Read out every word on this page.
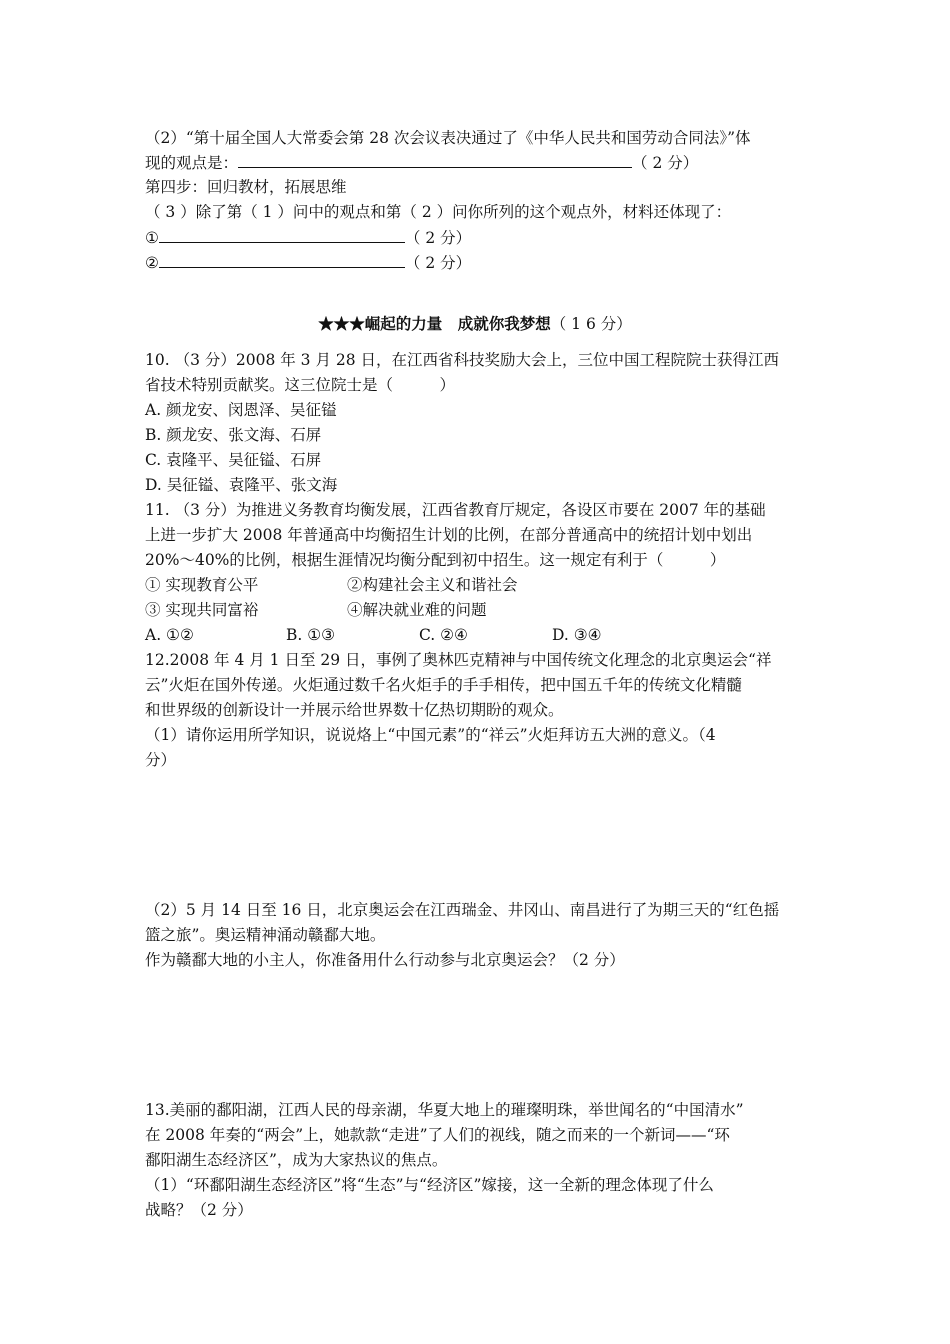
（2）“第十届全国人大常委会第 28 次会议表决通过了《中华人民共和国劳动合同法》”体
现的观点是：	（ 2 分）
第四步：回归教材，拓展思维
（ 3 ）除了第（ 1 ）问中的观点和第（ 2 ）问你所列的这个观点外，材料还体现了：
①	（ 2 分）
②	（ 2 分）
★★★崛起的力量　成就你我梦想（ 1 6 分）
10. （3 分）2008 年 3 月 28 日，在江西省科技奖励大会上，三位中国工程院院士获得江西
省技术特别贡献奖。这三位院士是（　　　）
A. 颜龙安、闵恩泽、吴征镒
B. 颜龙安、张文海、石屏
C. 袁隆平、吴征镒、石屏
D. 吴征镒、袁隆平、张文海
11. （3 分）为推进义务教育均衡发展，江西省教育厅规定，各设区市要在 2007 年的基础
上进一步扩大 2008 年普通高中均衡招生计划的比例，在部分普通高中的统招计划中划出
20%～40%的比例，根据生涯情况均衡分配到初中招生。这一规定有利于（　　　）
① 实现教育公平	②构建社会主义和谐社会
③ 实现共同富裕	④解决就业难的问题
A. ①②	B. ①③	C. ②④	D. ③④
12.2008 年 4 月 1 日至 29 日，事例了奥林匹克精神与中国传统文化理念的北京奥运会“祥
云”火炬在国外传递。火炬通过数千名火炬手的手手相传，把中国五千年的传统文化精髓
和世界级的创新设计一并展示给世界数十亿热切期盼的观众。
（1）请你运用所学知识，说说烙上“中国元素”的“祥云”火炬拜访五大洲的意义。（4
分）
（2）5 月 14 日至 16 日，北京奥运会在江西瑞金、井冈山、南昌进行了为期三天的“红色摇
篮之旅”。奥运精神涌动赣鄱大地。
作为赣鄱大地的小主人，你准备用什么行动参与北京奥运会？（2 分）
13.美丽的鄱阳湖，江西人民的母亲湖，华夏大地上的璀璨明珠，举世闻名的“中国清水”
在 2008 年奏的“两会”上，她款款“走进”了人们的视线，随之而来的一个新词——“环
鄱阳湖生态经济区”，成为大家热议的焦点。
（1）“环鄱阳湖生态经济区”将“生态”与“经济区”嫁接，这一全新的理念体现了什么
战略？（2 分）
